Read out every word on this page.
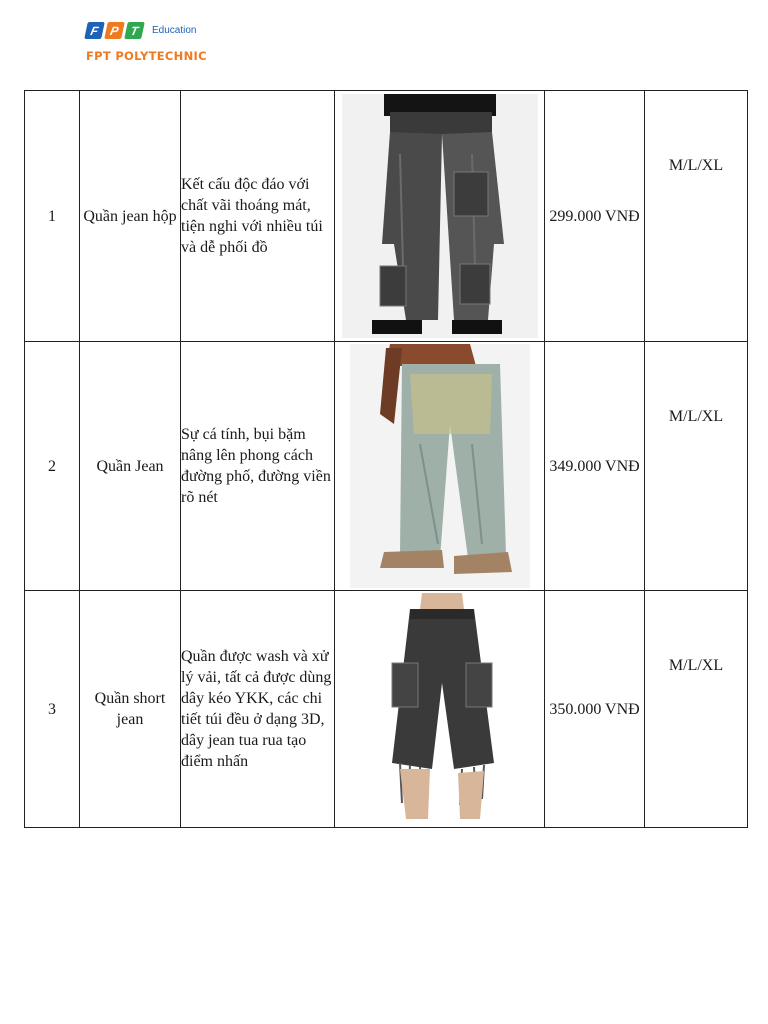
F P T	Education
FPT POLYTECHNIC
1	Quần jean hộp	Kết cấu độc đáo với chất vãi thoáng mát, tiện nghi với nhiều túi và dễ phối đồ		299.000 VNĐ	M/L/XL

2	Quần Jean	Sự cá tính, bụi bặm nâng lên phong cách đường phố, đường viền rõ nét		349.000 VNĐ	M/L/XL

3	Quần short jean	Quần được wash và xử lý vải, tất cả được dùng dây kéo YKK, các chi tiết túi đều ở dạng 3D, dây jean tua rua tạo điểm nhấn		350.000 VNĐ	M/L/XL
